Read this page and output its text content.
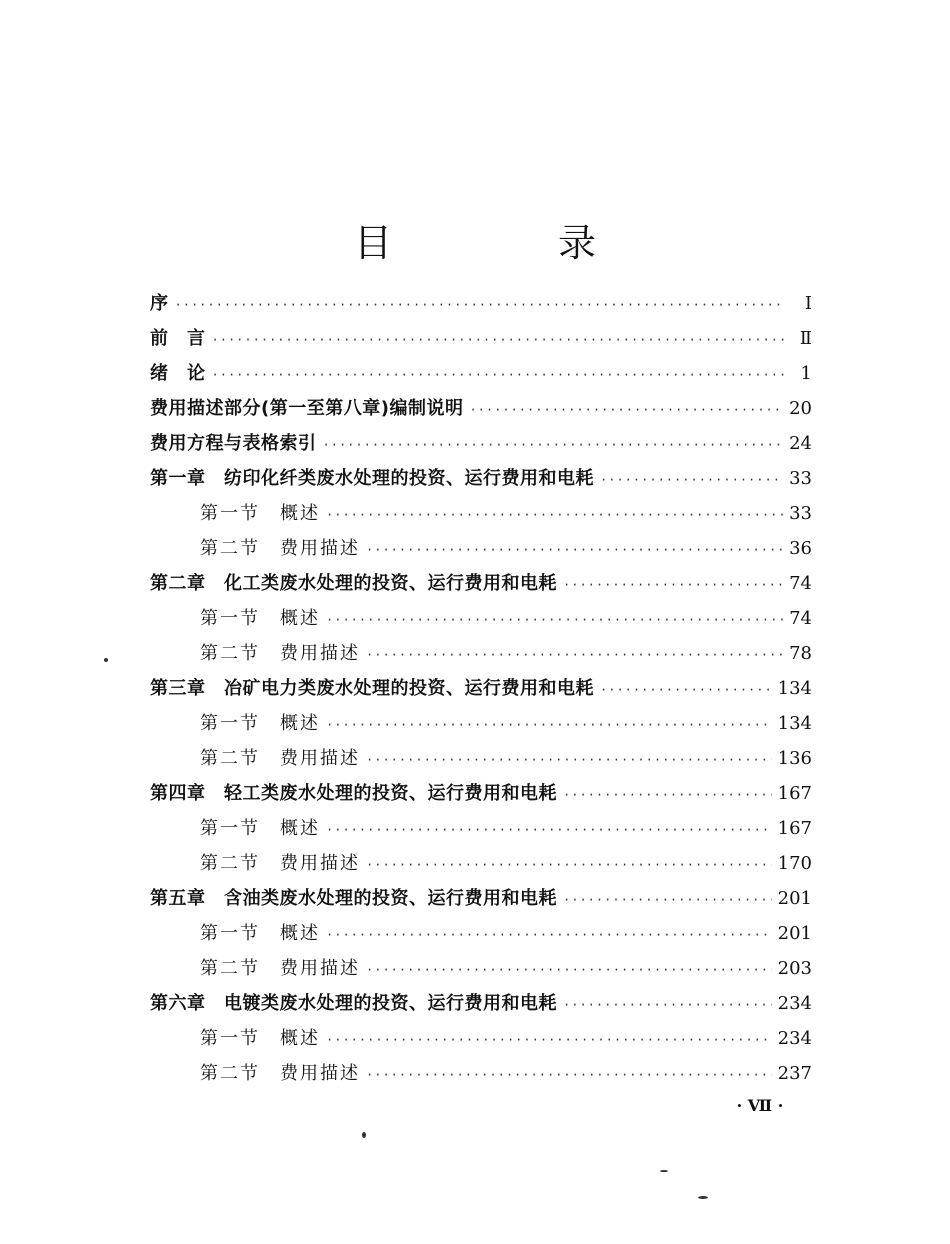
目　录
序 ·····	I
前　言 ·····	Ⅱ
绪　论 ·····	1
费用描述部分(第一至第八章)编制说明 ·····	20
费用方程与表格索引 ·····	24
第一章　纺印化纤类废水处理的投资、运行费用和电耗 ·····	33
第一节　概述 ·····	33
第二节　费用描述 ·····	36
第二章　化工类废水处理的投资、运行费用和电耗 ·····	74
第一节　概述 ·····	74
第二节　费用描述 ·····	78
第三章　冶矿电力类废水处理的投资、运行费用和电耗 ·····	134
第一节　概述 ·····	134
第二节　费用描述 ·····	136
第四章　轻工类废水处理的投资、运行费用和电耗 ·····	167
第一节　概述 ·····	167
第二节　费用描述 ·····	170
第五章　含油类废水处理的投资、运行费用和电耗 ·····	201
第一节　概述 ·····	201
第二节　费用描述 ·····	203
第六章　电镀类废水处理的投资、运行费用和电耗 ·····	234
第一节　概述 ·····	234
第二节　费用描述 ·····	237
· Ⅶ ·
